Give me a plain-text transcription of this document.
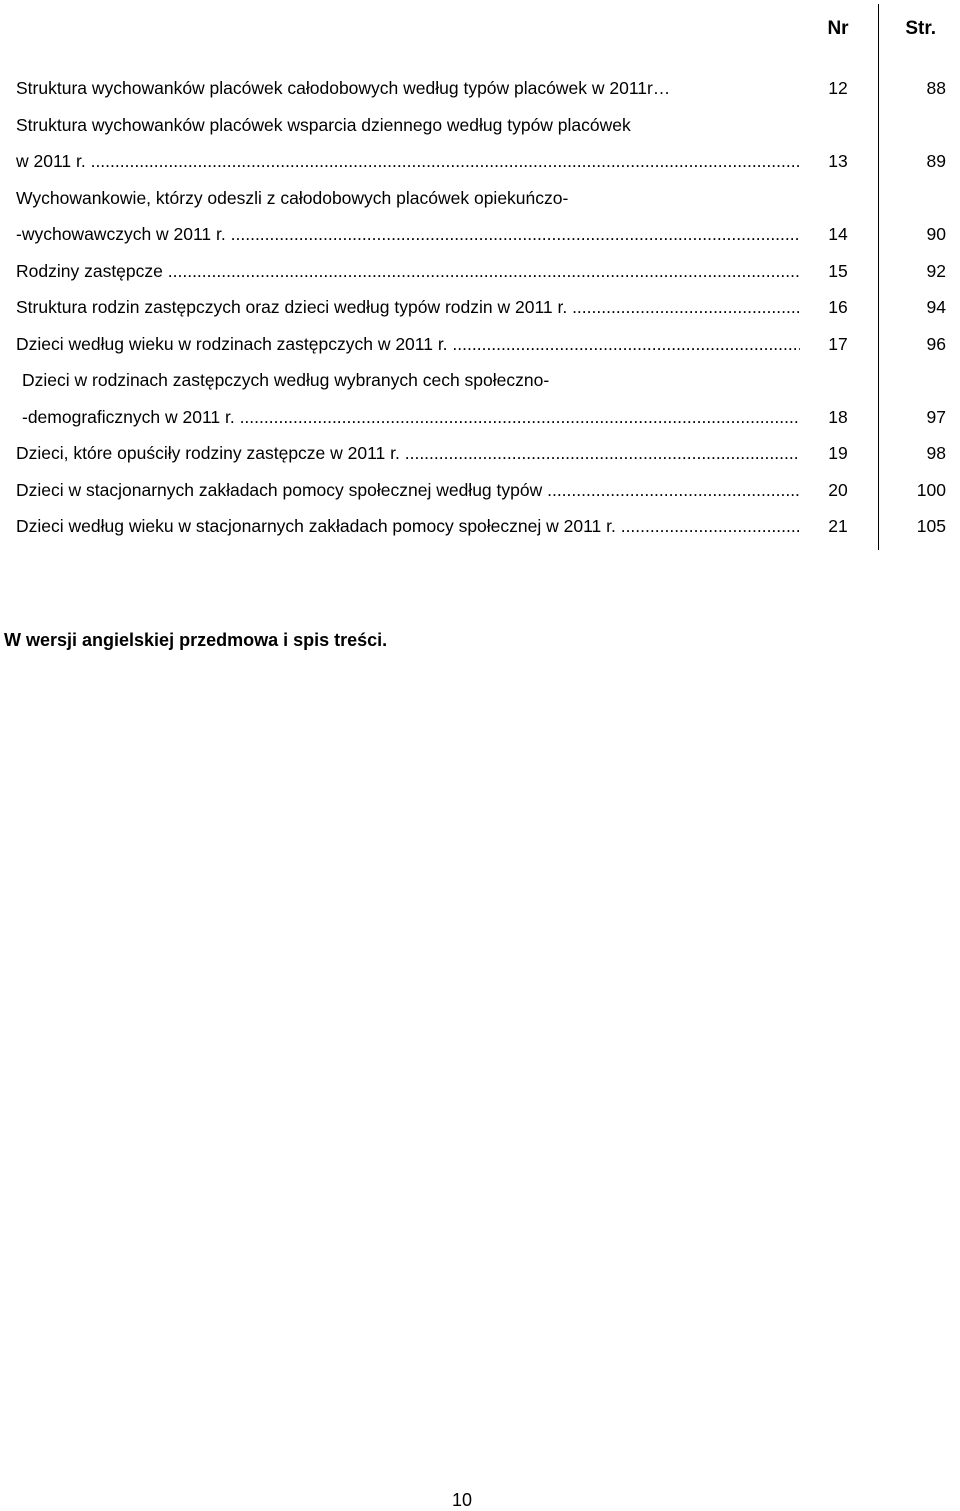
Nr	Str.
Struktura wychowanków placówek całodobowych według typów placówek w 2011r…	12	88
Struktura wychowanków placówek wsparcia dziennego według typów placówek
w 2011 r. .....	13	89
Wychowankowie, którzy odeszli z całodobowych placówek opiekuńczo-
-wychowawczych w 2011 r. .....	14	90
Rodziny zastępcze .....	15	92
Struktura rodzin zastępczych oraz dzieci według typów rodzin w 2011 r. .....	16	94
Dzieci według wieku w rodzinach zastępczych w 2011 r. .....	17	96
Dzieci w rodzinach zastępczych według wybranych cech społeczno-
-demograficznych w 2011 r. .....	18	97
Dzieci, które opuściły rodziny zastępcze w 2011 r. .....	19	98
Dzieci w stacjonarnych zakładach pomocy społecznej według typów .....	20	100
Dzieci według wieku w stacjonarnych zakładach pomocy społecznej w 2011 r. .....	21	105
W wersji angielskiej przedmowa i spis treści.
10
